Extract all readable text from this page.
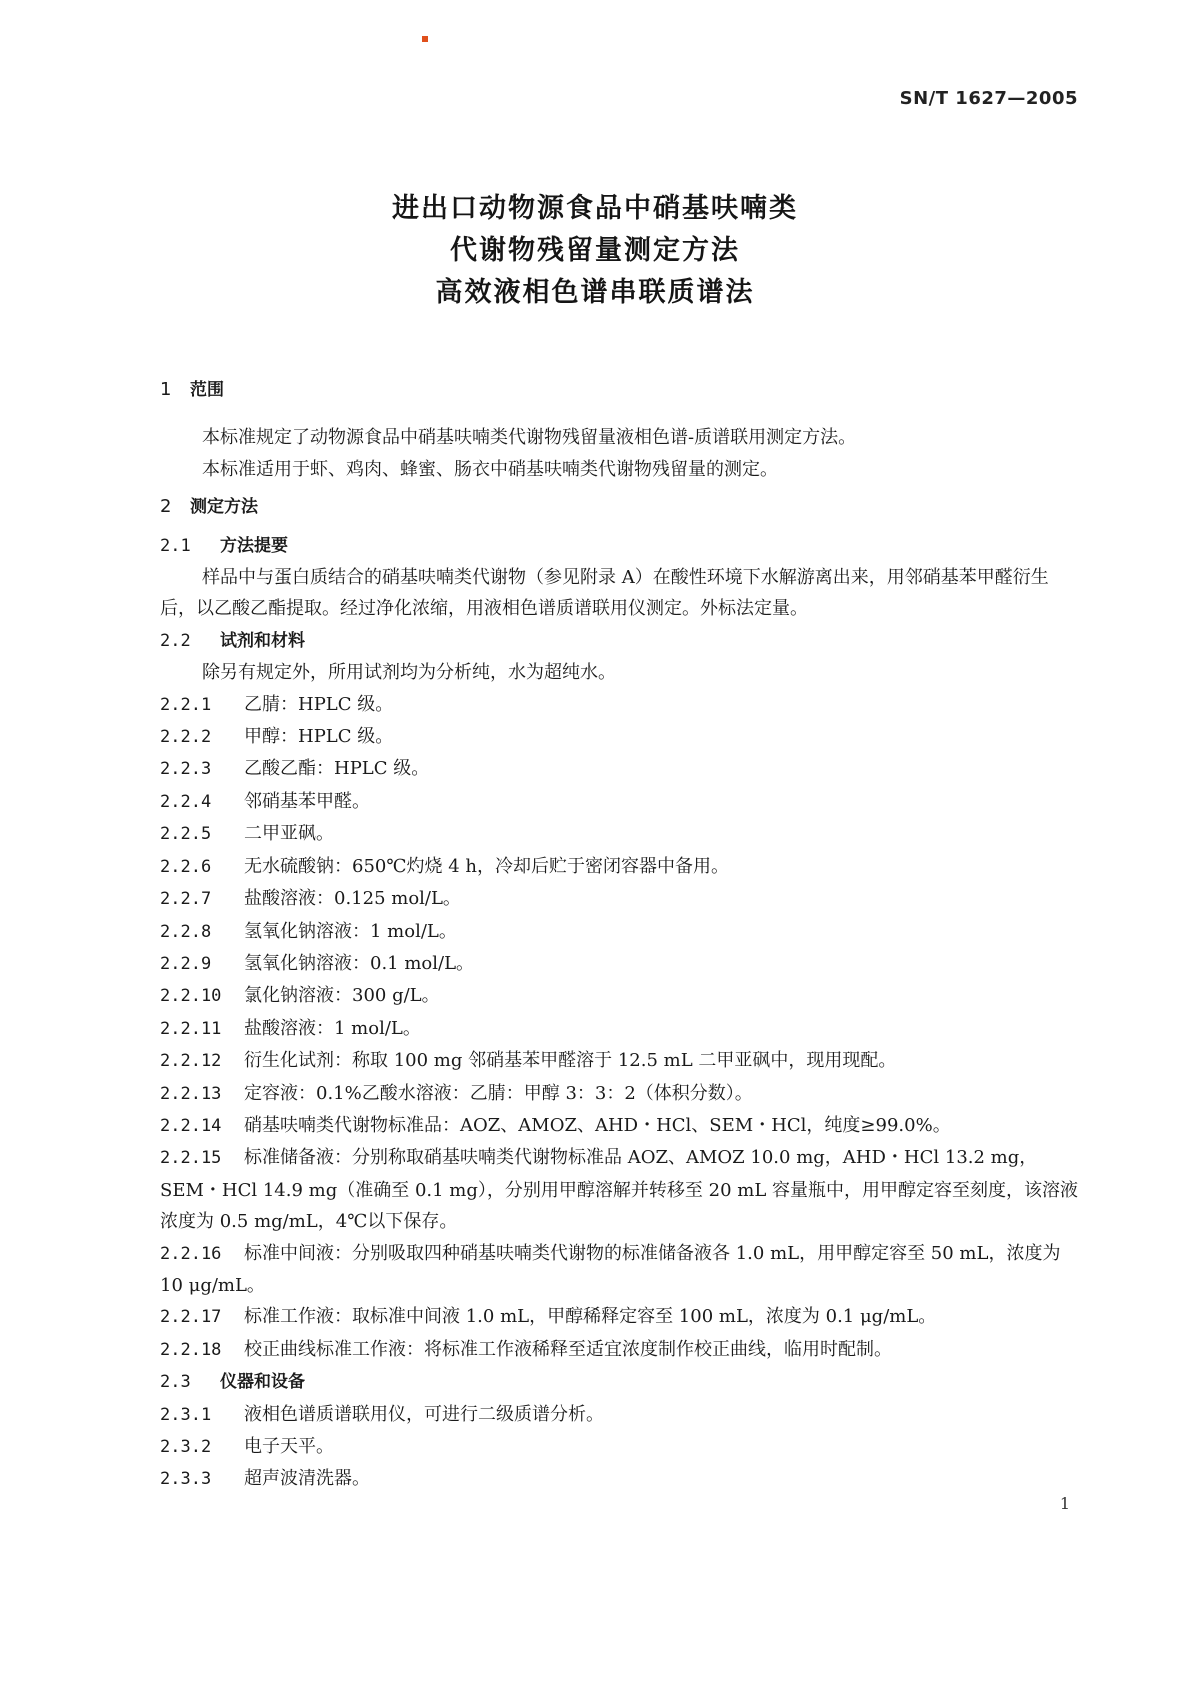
SN/T 1627—2005
进出口动物源食品中硝基呋喃类
代谢物残留量测定方法
高效液相色谱串联质谱法
1 范围
本标准规定了动物源食品中硝基呋喃类代谢物残留量液相色谱-质谱联用测定方法。
本标准适用于虾、鸡肉、蜂蜜、肠衣中硝基呋喃类代谢物残留量的测定。
2 测定方法
2.1 方法提要
样品中与蛋白质结合的硝基呋喃类代谢物（参见附录 A）在酸性环境下水解游离出来，用邻硝基苯甲醛衍生后，以乙酸乙酯提取。经过净化浓缩，用液相色谱质谱联用仪测定。外标法定量。
2.2 试剂和材料
除另有规定外，所用试剂均为分析纯，水为超纯水。
2.2.1 乙腈：HPLC 级。
2.2.2 甲醇：HPLC 级。
2.2.3 乙酸乙酯：HPLC 级。
2.2.4 邻硝基苯甲醛。
2.2.5 二甲亚砜。
2.2.6 无水硫酸钠：650℃灼烧 4 h，冷却后贮于密闭容器中备用。
2.2.7 盐酸溶液：0.125 mol/L。
2.2.8 氢氧化钠溶液：1 mol/L。
2.2.9 氢氧化钠溶液：0.1 mol/L。
2.2.10 氯化钠溶液：300 g/L。
2.2.11 盐酸溶液：1 mol/L。
2.2.12 衍生化试剂：称取 100 mg 邻硝基苯甲醛溶于 12.5 mL 二甲亚砜中，现用现配。
2.2.13 定容液：0.1%乙酸水溶液：乙腈：甲醇 3：3：2（体积分数）。
2.2.14 硝基呋喃类代谢物标准品：AOZ、AMOZ、AHD・HCl、SEM・HCl，纯度≥99.0%。
2.2.15 标准储备液：分别称取硝基呋喃类代谢物标准品 AOZ、AMOZ 10.0 mg，AHD・HCl 13.2 mg，SEM・HCl 14.9 mg（准确至 0.1 mg），分别用甲醇溶解并转移至 20 mL 容量瓶中，用甲醇定容至刻度，该溶液浓度为 0.5 mg/mL，4℃以下保存。
2.2.16 标准中间液：分别吸取四种硝基呋喃类代谢物的标准储备液各 1.0 mL，用甲醇定容至 50 mL，浓度为 10 μg/mL。
2.2.17 标准工作液：取标准中间液 1.0 mL，甲醇稀释定容至 100 mL，浓度为 0.1 μg/mL。
2.2.18 校正曲线标准工作液：将标准工作液稀释至适宜浓度制作校正曲线，临用时配制。
2.3 仪器和设备
2.3.1 液相色谱质谱联用仪，可进行二级质谱分析。
2.3.2 电子天平。
2.3.3 超声波清洗器。
1
